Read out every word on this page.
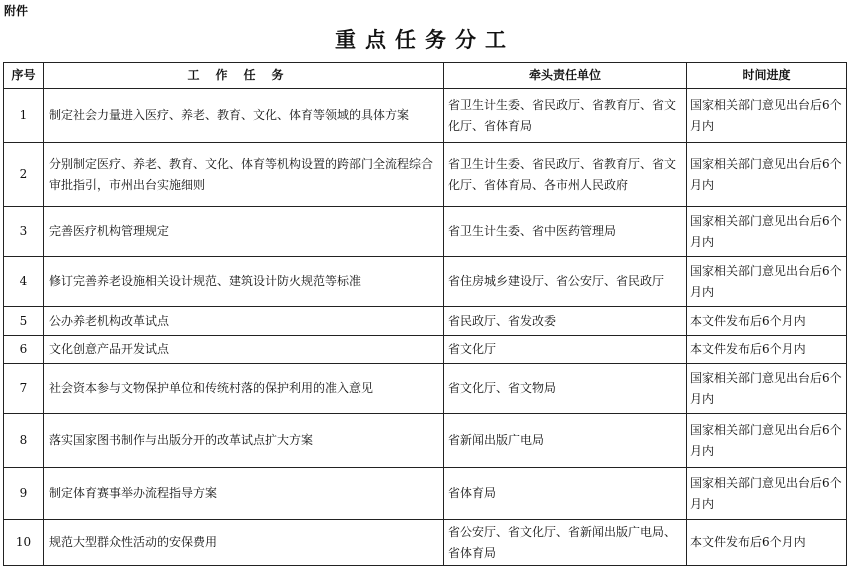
附件
重点任务分工
序号	工作任务	牵头责任单位	时间进度
1	制定社会力量进入医疗、养老、教育、文化、体育等领域的具体方案	省卫生计生委、省民政厅、省教育厅、省文化厅、省体育局	国家相关部门意见出台后6个月内
2	分别制定医疗、养老、教育、文化、体育等机构设置的跨部门全流程综合审批指引，市州出台实施细则	省卫生计生委、省民政厅、省教育厅、省文化厅、省体育局、各市州人民政府	国家相关部门意见出台后6个月内
3	完善医疗机构管理规定	省卫生计生委、省中医药管理局	国家相关部门意见出台后6个月内
4	修订完善养老设施相关设计规范、建筑设计防火规范等标准	省住房城乡建设厅、省公安厅、省民政厅	国家相关部门意见出台后6个月内
5	公办养老机构改革试点	省民政厅、省发改委	本文件发布后6个月内
6	文化创意产品开发试点	省文化厅	本文件发布后6个月内
7	社会资本参与文物保护单位和传统村落的保护利用的准入意见	省文化厅、省文物局	国家相关部门意见出台后6个月内
8	落实国家图书制作与出版分开的改革试点扩大方案	省新闻出版广电局	国家相关部门意见出台后6个月内
9	制定体育赛事举办流程指导方案	省体育局	国家相关部门意见出台后6个月内
10	规范大型群众性活动的安保费用	省公安厅、省文化厅、省新闻出版广电局、省体育局	本文件发布后6个月内
